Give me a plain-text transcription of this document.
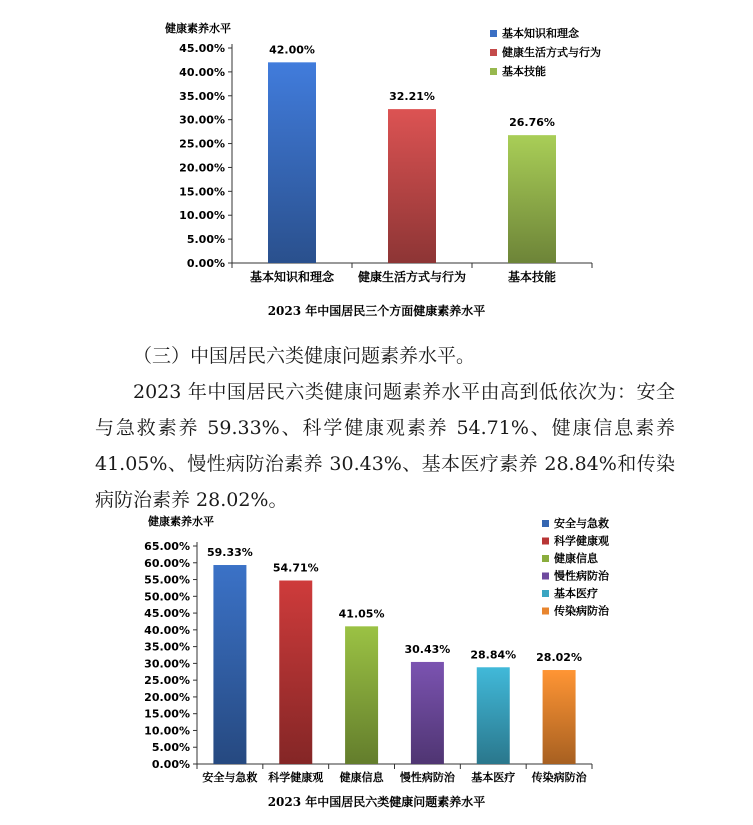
健康素养水平
0.00%
5.00%
10.00%
15.00%
20.00%
25.00%
30.00%
35.00%
40.00%
45.00%	42.00%
基本知识和理念
32.21%
健康生活方式与行为
26.76%
基本技能
基本知识和理念
健康生活方式与行为
基本技能
2023 年中国居民三个方面健康素养水平
（三）中国居民六类健康问题素养水平。
2023 年中国居民六类健康问题素养水平由高到低依次为：安全与急救素养 59.33%、科学健康观素养 54.71%、健康信息素养 41.05%、慢性病防治素养 30.43%、基本医疗素养 28.84%和传染病防治素养 28.02%。
健康素养水平
0.00%
5.00%
10.00%
15.00%
20.00%
25.00%
30.00%
35.00%
40.00%
45.00%
50.00%
55.00%
60.00%
65.00% 59.33%
安全与急救
54.71%
科学健康观
41.05%
健康信息
30.43%
慢性病防治
28.84%
基本医疗
28.02%
传染病防治
安全与急救
科学健康观
健康信息
慢性病防治
基本医疗
传染病防治
2023 年中国居民六类健康问题素养水平
